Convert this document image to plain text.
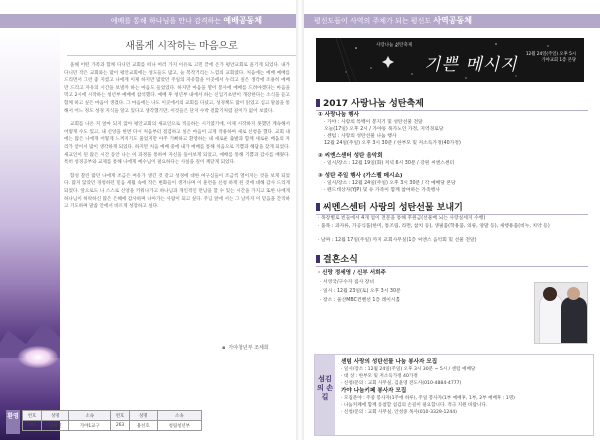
예배를 통해 하나님을 만나 감격하는 예배공동체
새롭게 시작하는 마음으로

올해 어떤 가족과 함께 다니던 교회를 떠나 여러 가지 이유로 고민 끝에 온가 평안교회로 올기게 되었다. 내가 다니던 작은 교회와는 많이 평안교회에는 성도들도 많고, 늘 복작거리는 느낌의 교회였다. 처음에는 예배 예배를 드리면서 그런 좋 지켰고 나에게 이제 하지만 많았던 주일의 자유함을 이곳에서 누리고 싶은 생각에 조용히 예배만 드리고 자유의 시간을 보낼까 하는 마음도 들었었다. 하지만 마음을 열어 봉사에 예배를 드려야겠다는 마음을 먹고 2시에 시작하는 청년부 예배에 참석했다. 예배 후 청년부 내에서 하는 신입기초반이 개강한다는 소식을 듣고 함께 하고 싶은 마음이 생겼다. 그 마음에는 나도 이곳에서의 교회를 다녔고, 성경책도 많이 읽었고 심고 말씀을 통해서 어느 정도 성경 지식을 알고 있다고 생각했기만, 이것들은 단지 수박 겉핥기처럼 깊이가 없어 보였다.

교회를 나온 지 얼마 되지 않아 평안교회의 새교인으로 적응하는 시기였기에, 이제 시작하지 못했던 계속해서 어떻게 수도 있고, 내 신앙을 한번 다시 처음부터 점검하고 싶은 마음이 크게 작용하여 새로 신청을 했다. 교회 내에는 많은 나에게 어떻게 느껴지기도 물었지만 아주 기뻐하고 환영하는 내 새로운 출발과 함께 새로운 배움의 자리가 얻어서 많이 생각하게 되었다. 하지만 처음 예배 중에 내가 예배를 통해 처음으로 기쁨과 해답을 찾게 되었다. 새교인이 된 많은 시간 동안 나는 이 과정을 통하여 자신을 돌아보게 되었고, 예배를 통해 기쁨과 감사를 배웠다. 특히 성경공부와 교제를 통해 나에게 예수님이 필요하다는 사실을 깊이 깨닫게 되었다.

함성 찰린 많던 나에게 조금은 여유가 생긴 것 같고 성경에 대한 여구심들이 조금씩 열어지는 것을 보게 되었다. 많지 않았던 경청하던 믿음 세월 속에 작은 변화들이 생겨나며 이 훈련을 신청 하게 된 것에 대해 감사 드리게 되었다. 앞으로도 나 스스로 신앙을 키워나가고 하나님과 개인적인 만남을 할 수 있는 시간을 가지고 또한 나에게 하나님이 허락하신 많은 은혜에 감사하며 나아가는 사람이 되고 싶다. 주님 앞에 서는 그 날까지 이 믿음을 간직하고 기도하며 말씀 안에서 바르게 성장하고 싶다.

▪ 가야청년부 조세희
환영 번호	성명	소속	번호	성명	소속
262	정혜연	가야1교구	263	용선호	청림청년부
평신도들이 사역의 주체가 되는 평신도 사역공동체
사랑나눔 성탄축제
기쁜 메시지
12월 24일(주일) 오후 5시
가야교회 1층 본당
2017 사랑나눔 성탄축제
① 사랑나눔 행사
· 가야 : 사랑의 특백이 봉지기 및 성탄선물 전달
오늘(17일) 오후 2시 / 가야동 목가노인 가정, 지역경로당
· 센텀 : 사랑의 성탄선물 나눔 행사
12월 24일(주일) 오후 3시 30분 / 한부모 및 저소득가정(40가정)
② 씨엔스센터 성탄 음악회
· 일시/장소 : 12월 19일(화) 저녁 6시 30분 / 강원 씨엔스센터
③ 성탄 주일 행사 (가스펠 메시쇼)
· 일시/장소 : 12월 24일(주일) 오후 3시 30분 / 각 예배당 본당
· 펜드데상자(YJP) 및 유 가족이 함께 참여하는 가족행사
씨멘스센터 사랑의 성탄선물 보내기
· 목장별로 빈들에서 4개 업이 전문을 통해 후원금(선물배 뇌는 사랑실세지 수행)
· 품목 : 과자류, 가공식품(한미, 통조림, 라면, 참치 등), 생필품(학용품, 의류, 양말 등), 새행용품(비누, 치약 등)
· 날짜 : 12월 17일(주일) 까지 교회사무실(1층 씨엔스 음악회 및 선물 전달)
결혼소식
· 신랑 정세영 / 신부 서희주
· 서영국/구수자 집사 장녀
· 일시 : 12월 23일(토) 오후 3시 30분
· 장소 : 울산MBC컨벤션 1층 레이시홀
섬김의 손길
센텀 사랑의 성탄선물 나눔 봉사자 모집
· 일시/장소 : 12월 24일(주일) 오후 3시 30분 ~ 5시 / 센텀 예배당
· 대 상 : 한부모 및 저소득가정 40가정
· 신청/문의 : 교회 사무실, 김윤영 전도사(010-4884-4777)
가야 나눔키페 봉사자 모집
· 모집분야 : 주중 봉사자(1주에 하루), 주일 봉사자(1부 예배후, 1부, 2부 예배후 : 1명)
· 나눔커페에 함께 동참할 섬김의 손길이 필요합니다. 적극 지원 바랍니다.
· 신청/문의 : 교회 사무실, 안성중 목사(010-3329-1244)
